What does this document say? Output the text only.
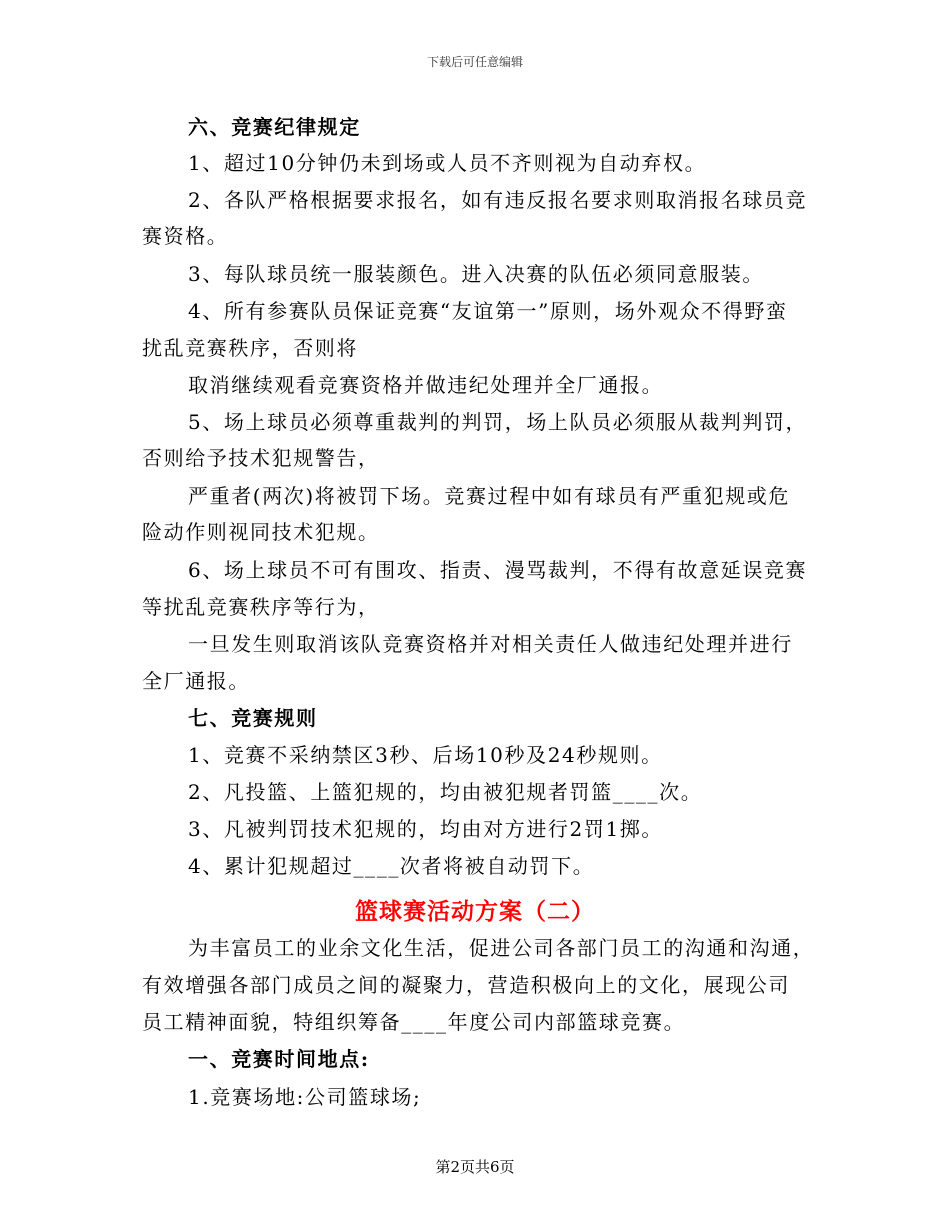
下载后可任意编辑
六、竞赛纪律规定
1、超过10分钟仍未到场或人员不齐则视为自动弃权。
2、各队严格根据要求报名，如有违反报名要求则取消报名球员竞
赛资格。
3、每队球员统一服装颜色。进入决赛的队伍必须同意服装。
4、所有参赛队员保证竞赛“友谊第一”原则，场外观众不得野蛮
扰乱竞赛秩序，否则将
取消继续观看竞赛资格并做违纪处理并全厂通报。
5、场上球员必须尊重裁判的判罚，场上队员必须服从裁判判罚，
否则给予技术犯规警告，
严重者(两次)将被罚下场。竞赛过程中如有球员有严重犯规或危
险动作则视同技术犯规。
6、场上球员不可有围攻、指责、漫骂裁判，不得有故意延误竞赛
等扰乱竞赛秩序等行为，
一旦发生则取消该队竞赛资格并对相关责任人做违纪处理并进行
全厂通报。
七、竞赛规则
1、竞赛不采纳禁区3秒、后场10秒及24秒规则。
2、凡投篮、上篮犯规的，均由被犯规者罚篮____次。
3、凡被判罚技术犯规的，均由对方进行2罚1掷。
4、累计犯规超过____次者将被自动罚下。
篮球赛活动方案（二）
为丰富员工的业余文化生活，促进公司各部门员工的沟通和沟通，
有效增强各部门成员之间的凝聚力，营造积极向上的文化，展现公司
员工精神面貌，特组织筹备____年度公司内部篮球竞赛。
一、竞赛时间地点:
1.竞赛场地:公司篮球场;
第2页共6页
